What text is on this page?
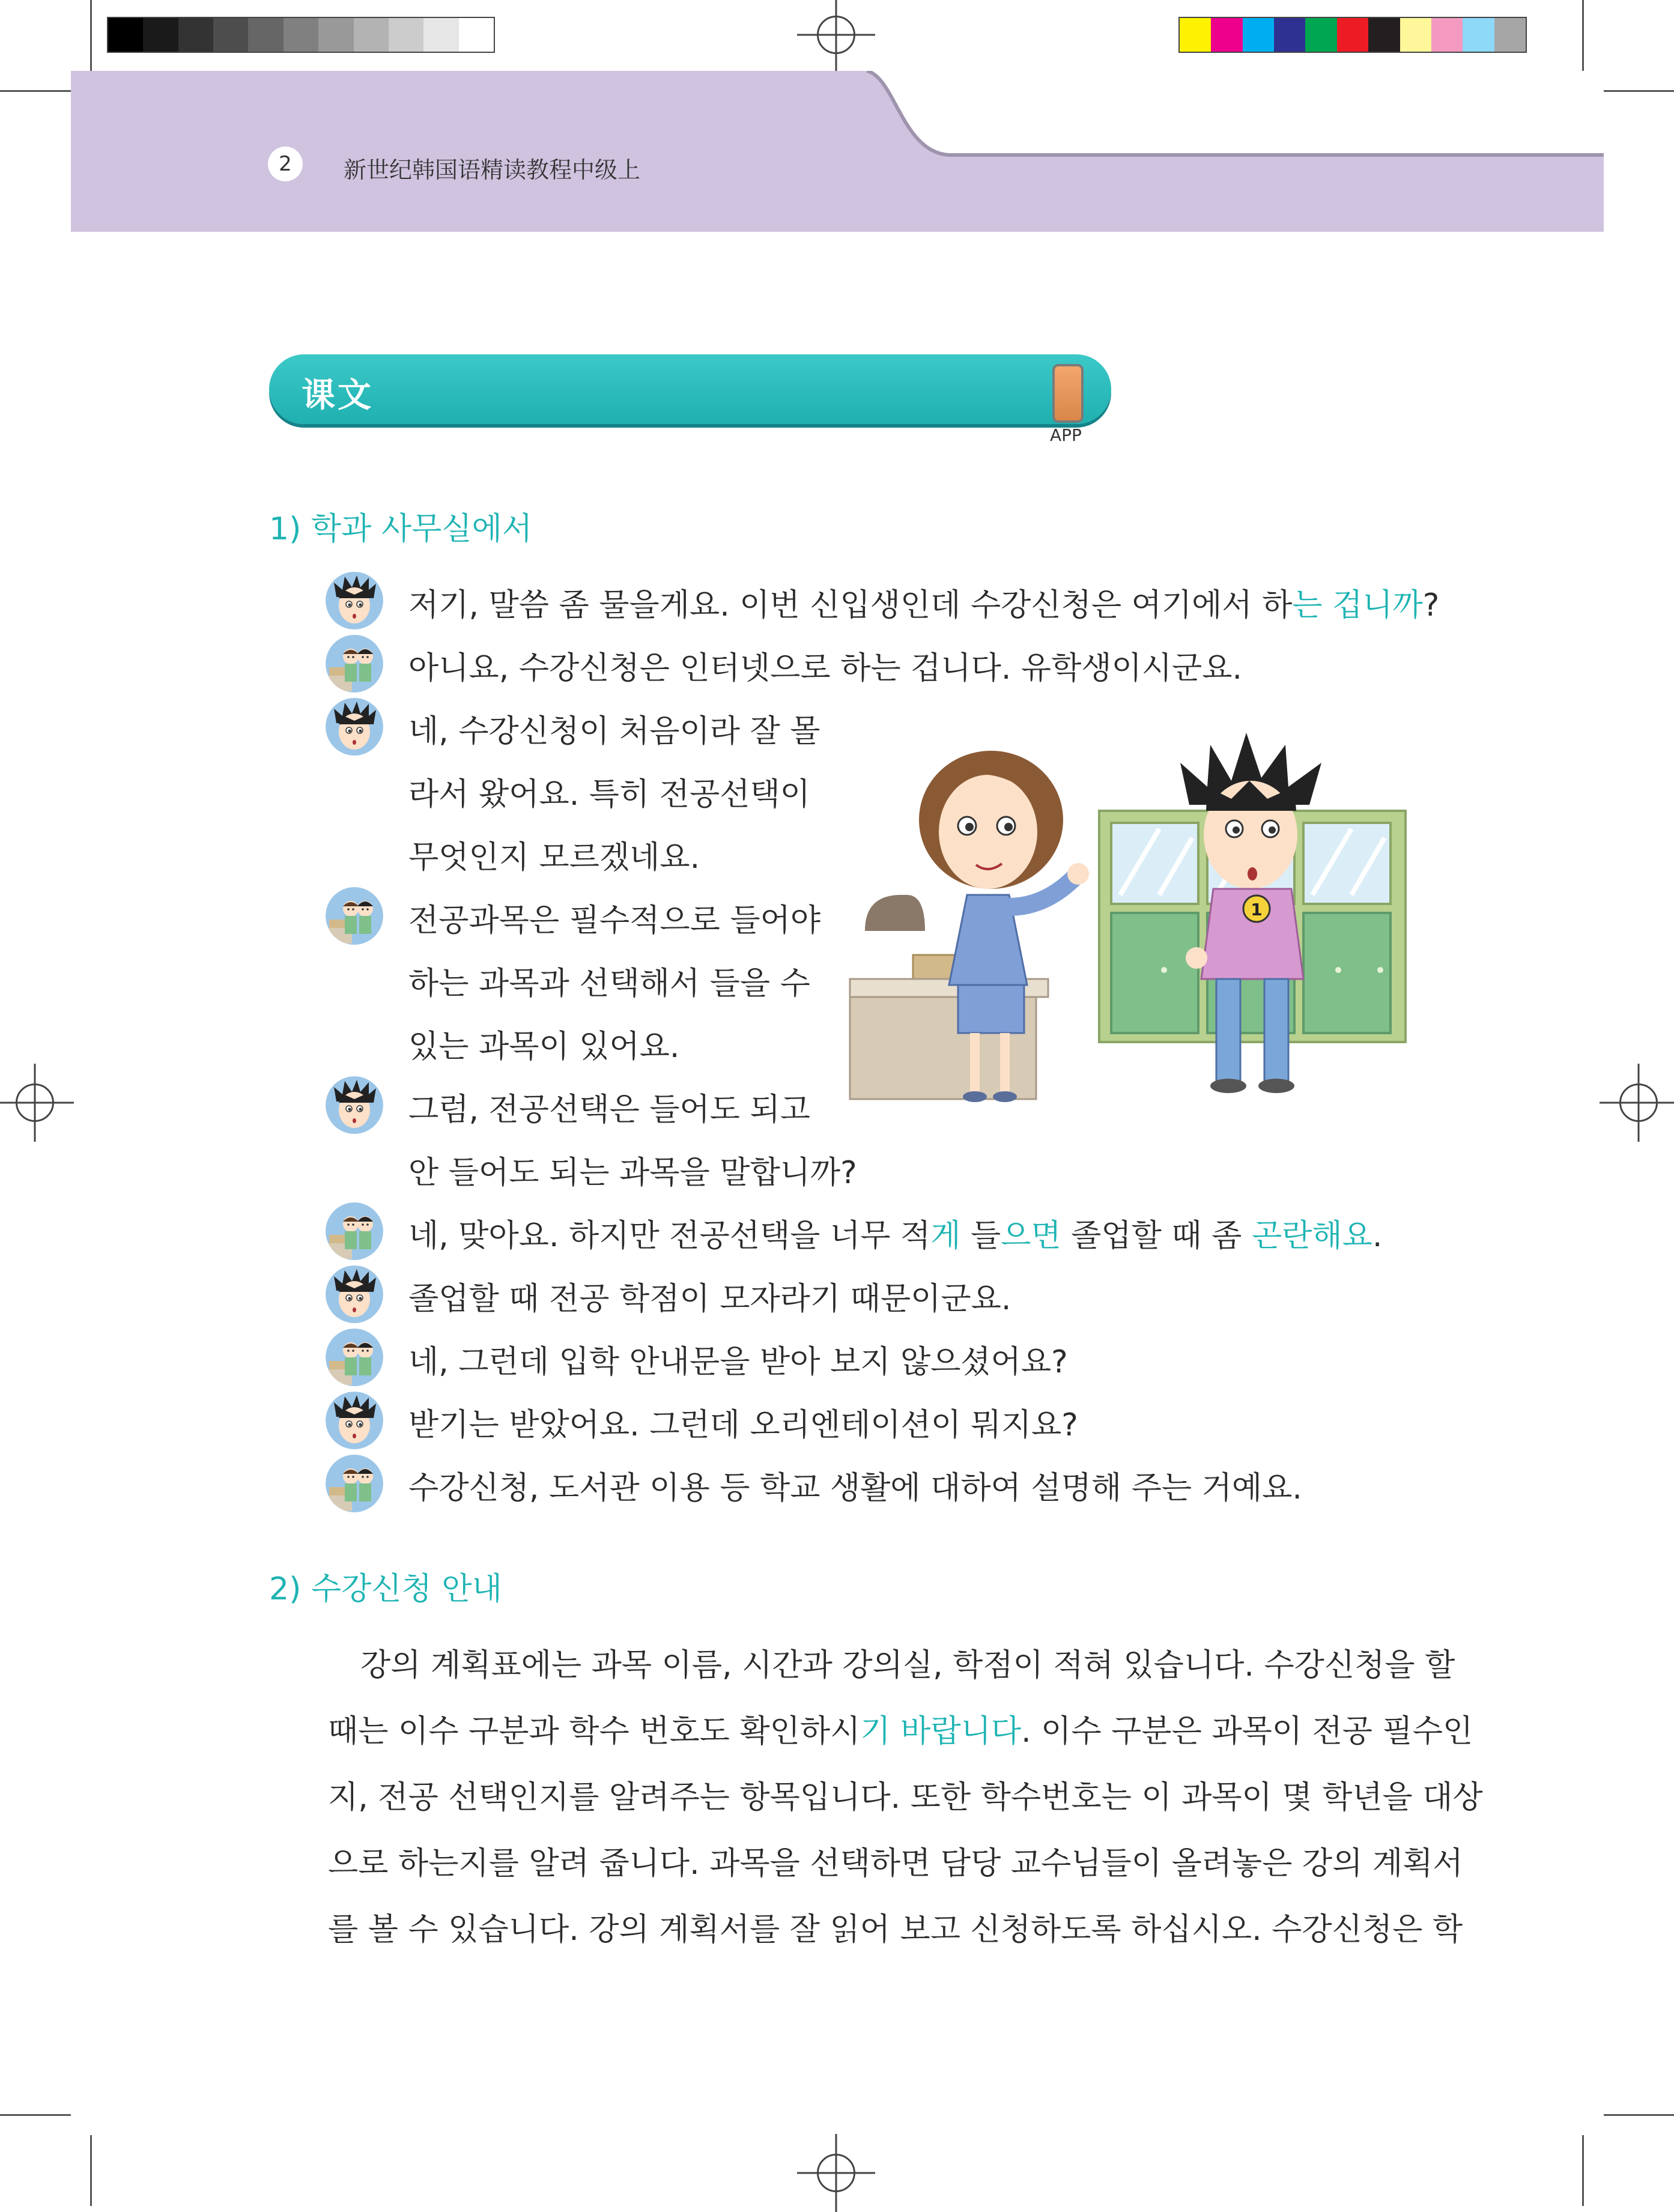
2	新世纪韩国语精读教程中级上
课文
APP
1) 학과 사무실에서
저기, 말씀 좀 물을게요. 이번 신입생인데 수강신청은 여기에서 하는 겁니까?
아니요, 수강신청은 인터넷으로 하는 겁니다. 유학생이시군요.
네, 수강신청이 처음이라 잘 몰
라서 왔어요. 특히 전공선택이
무엇인지 모르겠네요.
전공과목은 필수적으로 들어야
하는 과목과 선택해서 들을 수
있는 과목이 있어요.
그럼, 전공선택은 들어도 되고
안 들어도 되는 과목을 말합니까?
네, 맞아요. 하지만 전공선택을 너무 적게 들으면 졸업할 때 좀 곤란해요.
졸업할 때 전공 학점이 모자라기 때문이군요.
네, 그런데 입학 안내문을 받아 보지 않으셨어요?
받기는 받았어요. 그런데 오리엔테이션이 뭐지요?
수강신청, 도서관 이용 등 학교 생활에 대하여 설명해 주는 거예요.
1
2) 수강신청 안내
강의 계획표에는 과목 이름, 시간과 강의실, 학점이 적혀 있습니다. 수강신청을 할
때는 이수 구분과 학수 번호도 확인하시기 바랍니다. 이수 구분은 과목이 전공 필수인
지, 전공 선택인지를 알려주는 항목입니다. 또한 학수번호는 이 과목이 몇 학년을 대상
으로 하는지를 알려 줍니다. 과목을 선택하면 담당 교수님들이 올려놓은 강의 계획서
를 볼 수 있습니다. 강의 계획서를 잘 읽어 보고 신청하도록 하십시오. 수강신청은 학
